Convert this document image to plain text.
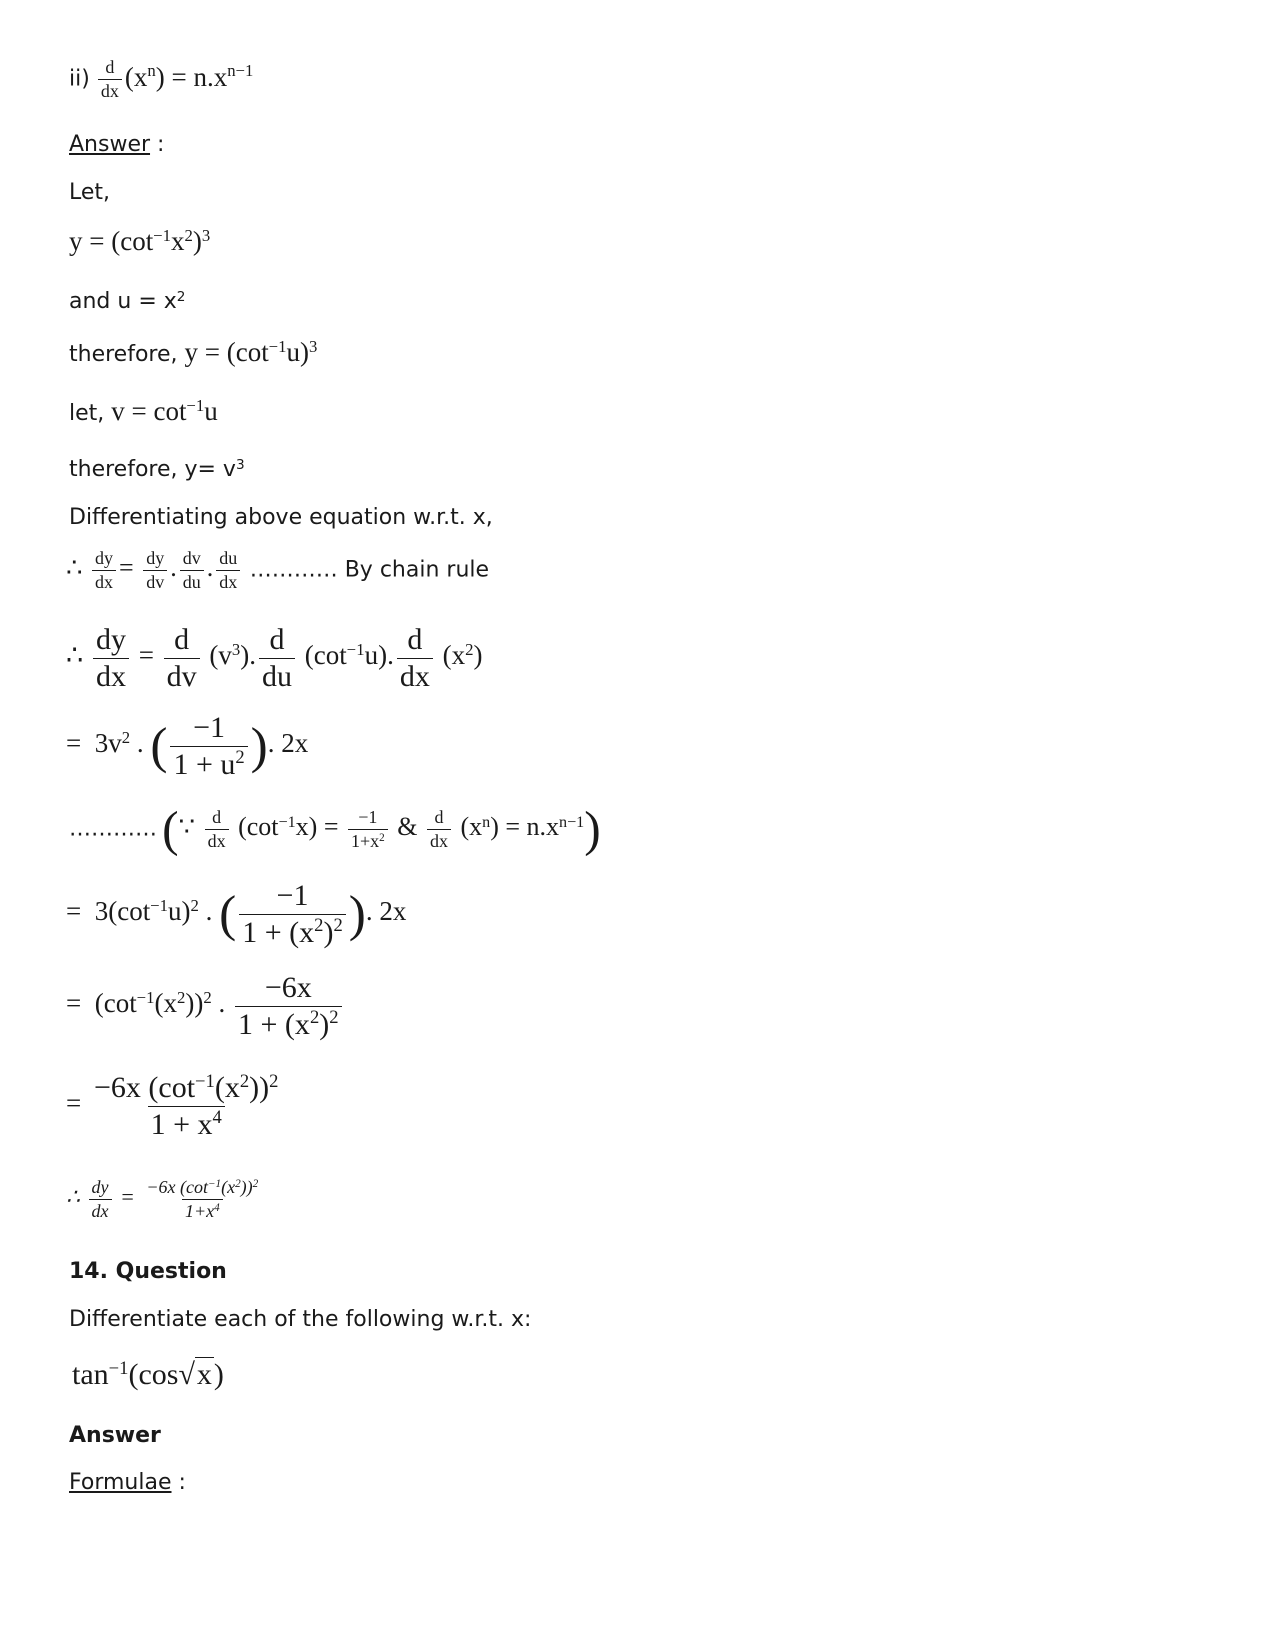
$ii) \frac{d}{dx} (x^n) = n.x^{n-1}$
Answer :
Let,
$y = (\cot^{-1}x^2)^3$
and $u = x^2$
therefore, $y = (\cot^{-1}u)^3$
let, $v = \cot^{-1}u$
therefore, $y= v^3$
Differentiating above equation w.r.t. x,
∴ $\frac{dy}{dx} = \frac{dy}{dv}$ . $\frac{dv}{du}$ . $\frac{du}{dx}$ ………… By chain rule
∴ $\frac{dy}{dx} = \frac{d}{dv} (v^3)$. $\frac{d}{du} (\cot^{-1}u)$. $\frac{d}{dx} (x^2)$
= $3v^2$ . ( $\frac{-1}{1 + u^2}$ ). 2x
………… (∵ $\frac{d}{dx} (\cot^{-1}x) = \frac{-1}{1+x^2}$ & $\frac{d}{dx} (x^n) = n.x^{n-1}$)
= $3(\cot^{-1}u)^2$ . ( $\frac{-1}{1 + (x^2)^2}$ ). 2x
= $(\cot^{-1}(x^2))^2$ . $\frac{-6x}{1 + (x^2)^2}$
= $\frac{-6x (\cot^{-1}(x^2))^2}{1 + x^4}$
∴ $\frac{dy}{dx} = \frac{-6x (\cot^{-1}(x^2))^2}{1+x^4}$
14. Question
Differentiate each of the following w.r.t. x:
$\tan^{-1}(\cos√x)$
Answer
Formulae :
